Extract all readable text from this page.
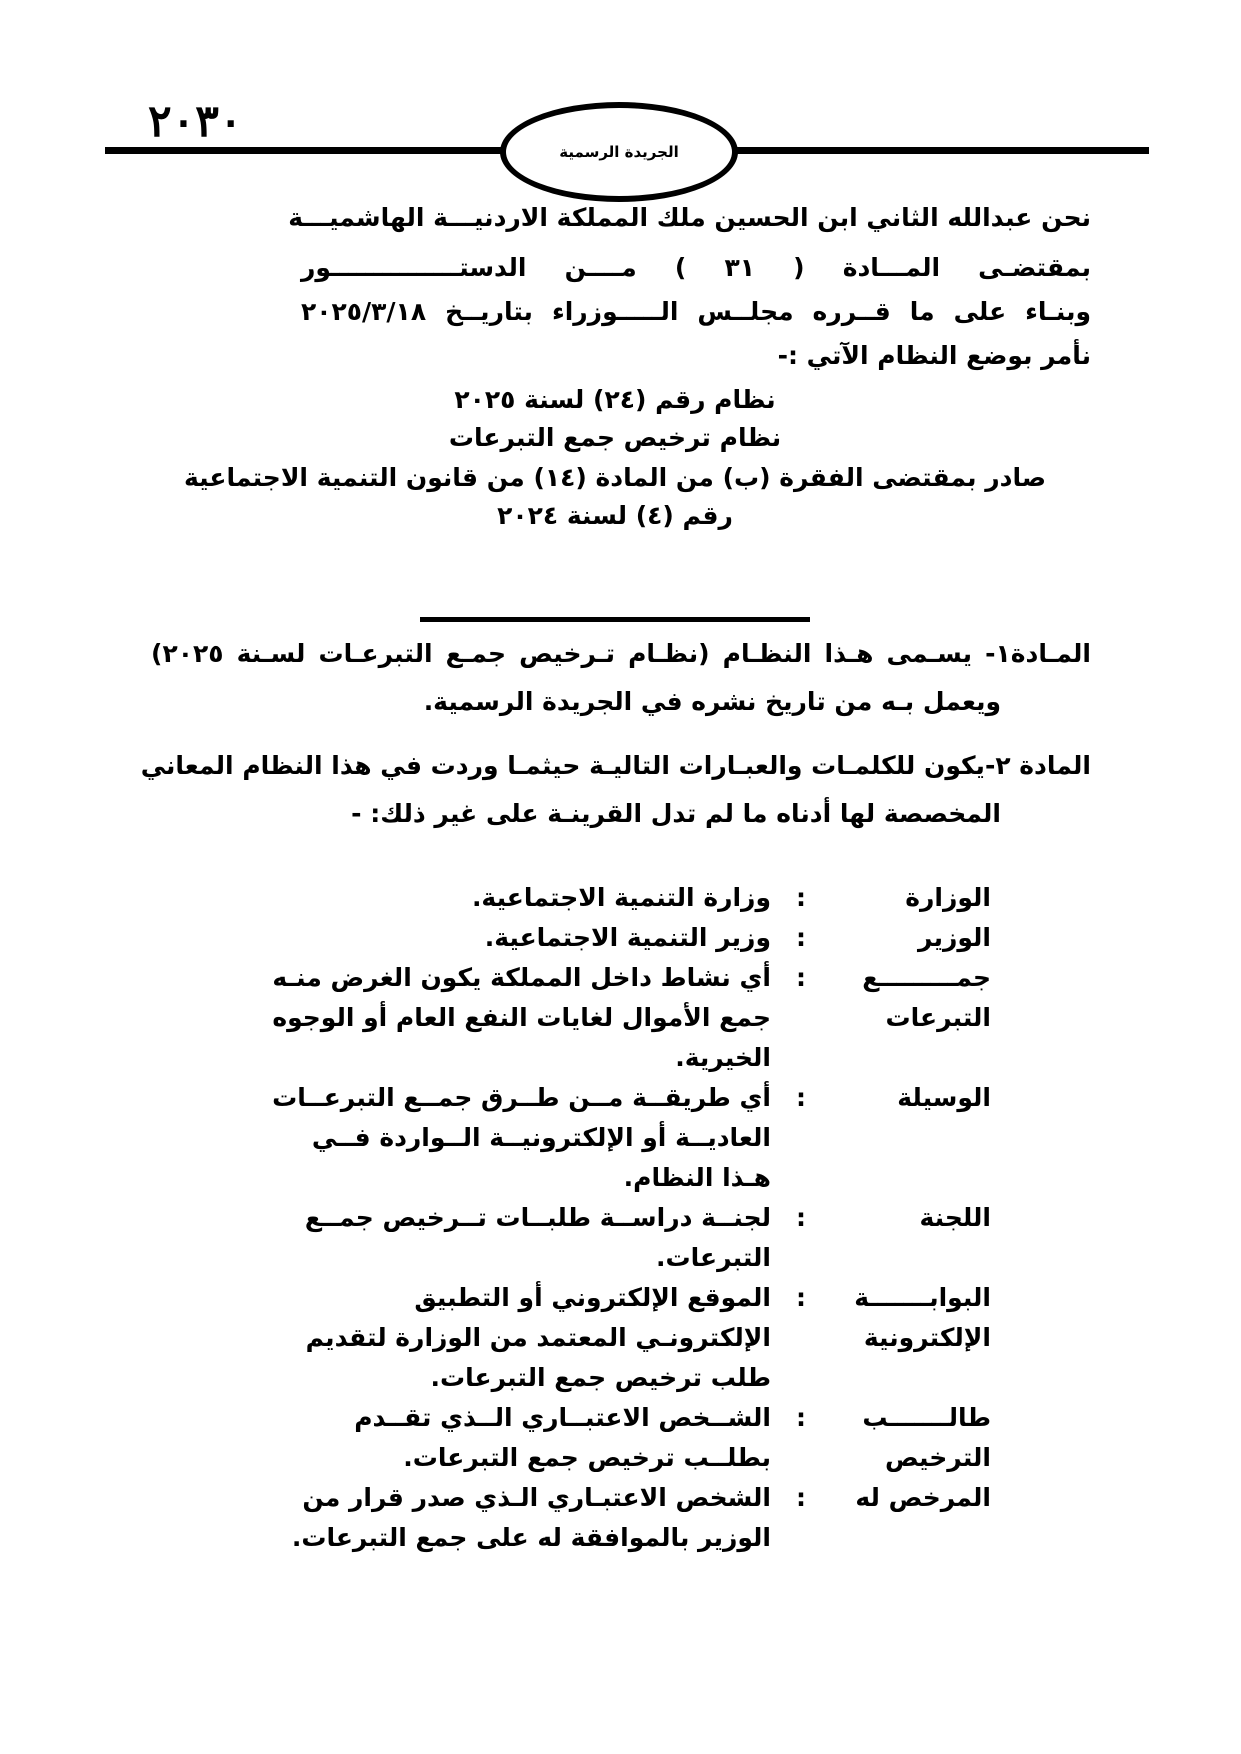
٢٠٣٠
الجريدة الرسمية
نحن عبدالله الثاني ابن الحسين ملك المملكة الاردنيـــة الهاشميـــة
بمقتضـى المـــادة ( ٣١ ) مــــن الدستـــــــــــــــور
وبنـاء على ما قــرره مجلــس الـــــوزراء بتاريــخ ٢٠٢٥/٣/١٨
نأمر بوضع النظام الآتي :-
نظام رقم (٢٤) لسنة ٢٠٢٥
نظام ترخيص جمع التبرعات
صادر بمقتضى الفقرة (ب) من المادة (١٤) من قانون التنمية الاجتماعية
رقم (٤) لسنة ٢٠٢٤
المـادة١- يسـمى هـذا النظـام (نظـام تـرخيص جمـع التبرعـات لسـنة ٢٠٢٥)
ويعمل بـه من تاريخ نشره في الجريدة الرسمية.
المادة ٢-يكون للكلمـات والعبـارات التاليـة حيثمـا وردت في هذا النظام المعاني
المخصصة لها أدناه ما لم تدل القرينـة على غير ذلك: -
الوزارة
:
وزارة التنمية الاجتماعية.
الوزير
:
وزير التنمية الاجتماعية.
جمـــــــــع
التبرعات
:
أي نشاط داخل المملكة يكون الغرض منـه جمع الأموال لغايات النفع العام أو الوجوه الخيرية.
الوسيلة
:
أي طريقــة مــن طــرق جمــع التبرعــات العاديــة أو الإلكترونيــة الــواردة فــي هـذا النظام.
اللجنة
:
لجنــة دراســة طلبــات تــرخيص جمــع التبرعات.
البوابـــــــة
الإلكترونية
:
الموقع الإلكتروني أو التطبيق الإلكترونـي المعتمد من الوزارة لتقديم طلب ترخيص جمع التبرعات.
طالـــــــب
الترخيص
:
الشــخص الاعتبــاري الــذي تقــدم بطلــب ترخيص جمع التبرعات.
المرخص له
:
الشخص الاعتبـاري الـذي صدر قرار من الوزير بالموافقة له على جمع التبرعات.
